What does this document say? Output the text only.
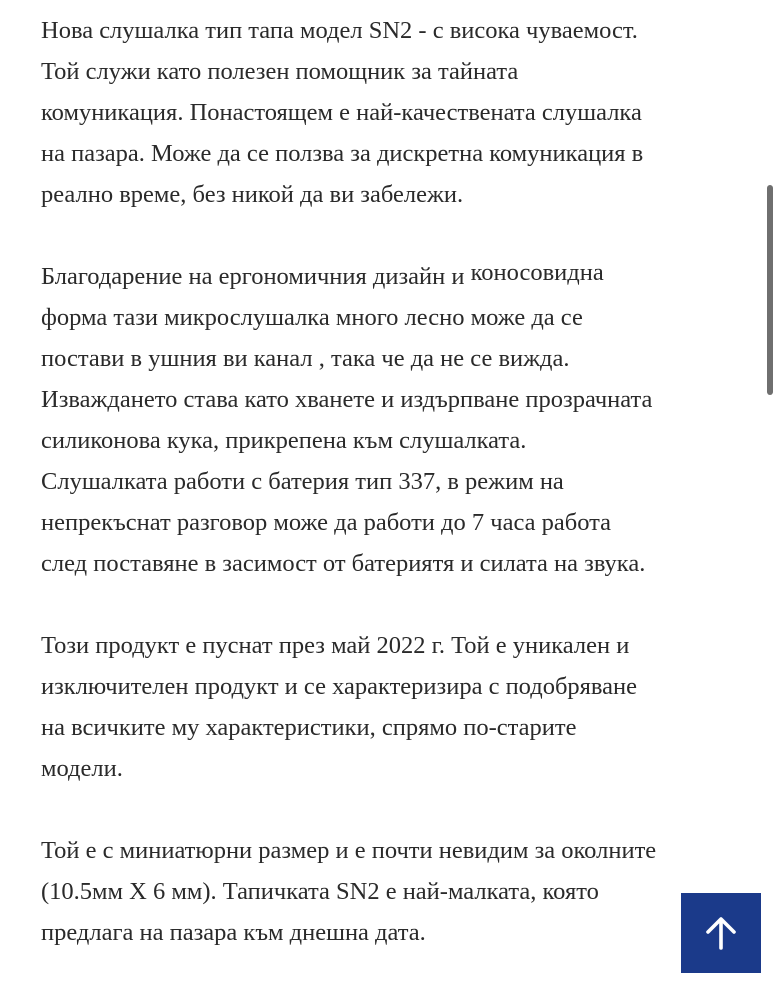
Нова слушалка тип тапа модел SN2 - с висока чуваемост.
Той служи като полезен помощник за тайната
комуникация. Понастоящем е най-качествената слушалка
на пазара. Може да се ползва за дискретна комуникация в
реално време, без никой да ви забележи.

Благодарение на ергономичния дизайн и коносовидна
форма тази микрослушалка много лесно може да се
постави в ушния ви канал , така че да не се вижда.
Изваждането става като хванете и издърпване прозрачната
силиконова кука, прикрепена към слушалката.
Слушалката работи с батерия тип 337, в режим на
непрекъснат разговор може да работи до 7 часа работа
след поставяне в засимост от батериятя и силата на звука.

Този продукт е пуснат през май 2022 г. Той е уникален и
изключителен продукт и се характеризира с подобряване
на всичките му характеристики, спрямо по-старите
модели.

Той е с миниатюрни размер и е почти невидим за околните
(10.5мм X 6 мм). Тапичката SN2 е най-малката, която
предлага на пазара към днешна дата.
